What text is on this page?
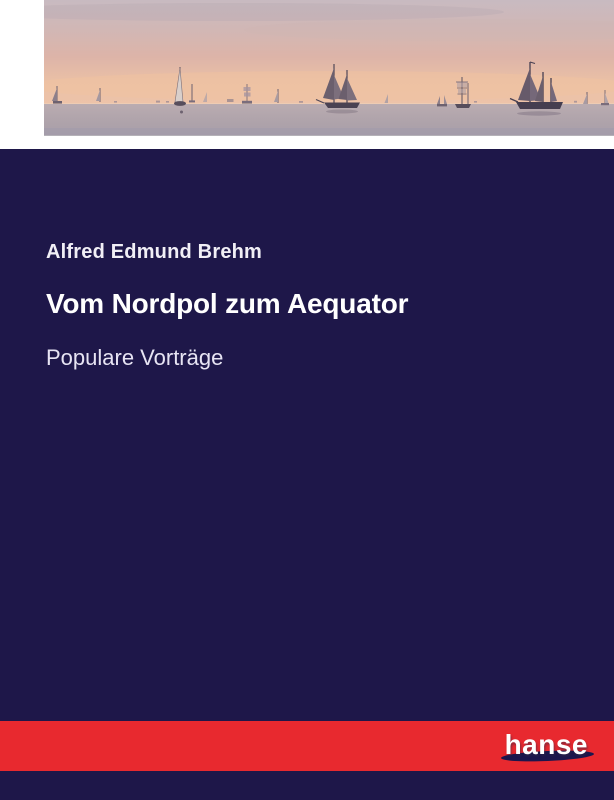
Alfred Edmund Brehm
Vom Nordpol zum Aequator
Populare Vorträge
hanse
